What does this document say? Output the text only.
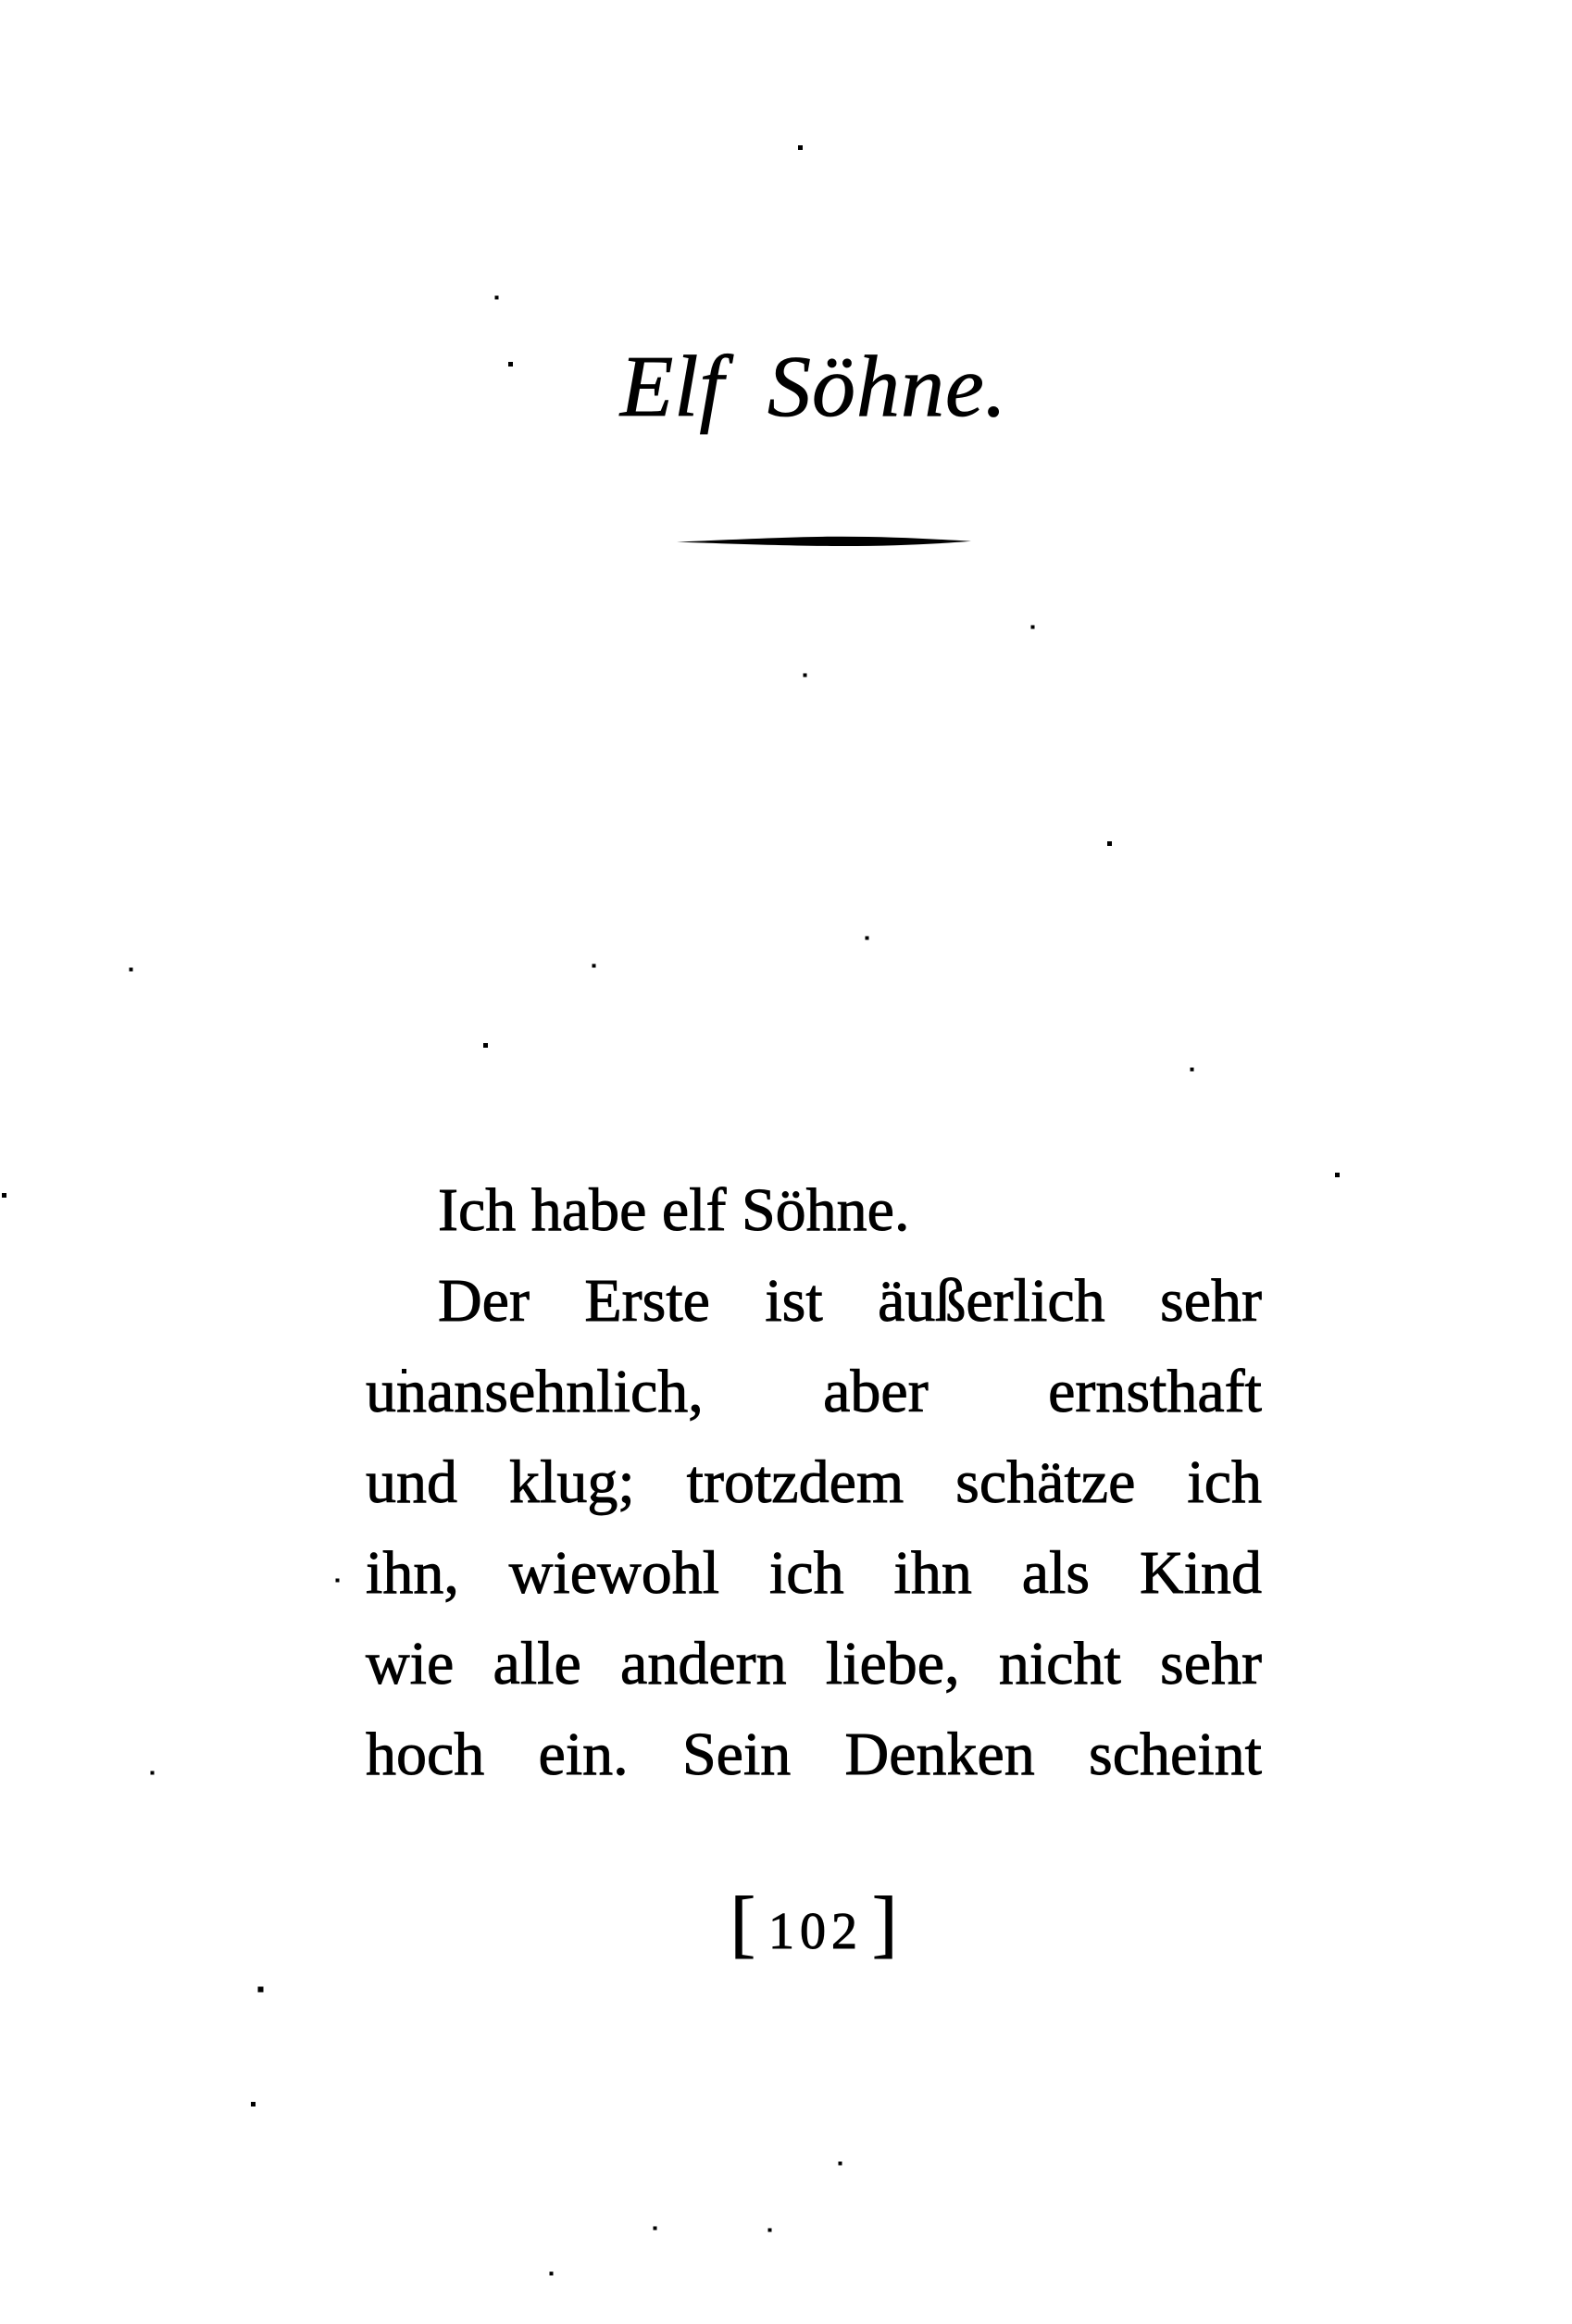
Elf Söhne.
Ich habe elf Söhne.
Der Erste ist äußerlich sehr
unansehnlich, aber ernsthaft
und klug; trotzdem schätze ich
ihn, wiewohl ich ihn als Kind
wie alle andern liebe, nicht sehr
hoch ein. Sein Denken scheint
[ 102 ]
